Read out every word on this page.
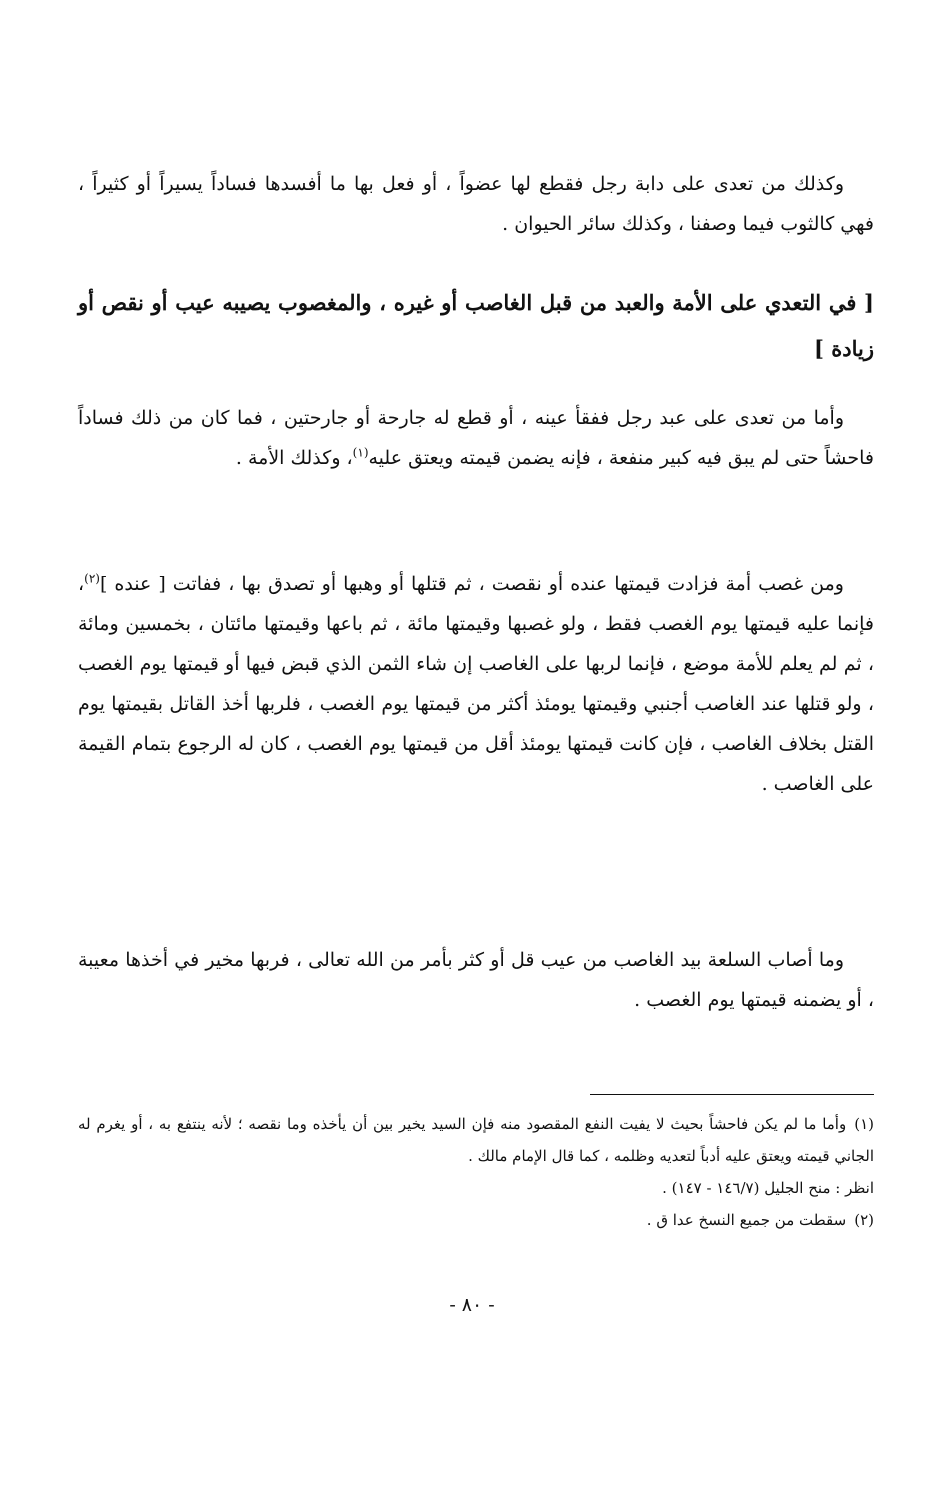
وكذلك من تعدى على دابة رجل فقطع لها عضواً ، أو فعل بها ما أفسدها فساداً يسيراً أو كثيراً ، فهي كالثوب فيما وصفنا ، وكذلك سائر الحيوان .

[ في التعدي على الأمة والعبد من قبل الغاصب أو غيره ، والمغصوب يصيبه عيب أو نقص أو زيادة ]

وأما من تعدى على عبد رجل ففقأ عينه ، أو قطع له جارحة أو جارحتين ، فما كان من ذلك فساداً فاحشاً حتى لم يبق فيه كبير منفعة ، فإنه يضمن قيمته ويعتق عليه$^{(١)}$، وكذلك الأمة .

ومن غصب أمة فزادت قيمتها عنده أو نقصت ، ثم قتلها أو وهبها أو تصدق بها ، ففاتت [ عنده ]$^{(٢)}$، فإنما عليه قيمتها يوم الغصب فقط ، ولو غصبها وقيمتها مائة ، ثم باعها وقيمتها مائتان ، بخمسين ومائة ، ثم لم يعلم للأمة موضع ، فإنما لربها على الغاصب إن شاء الثمن الذي قبض فيها أو قيمتها يوم الغصب ، ولو قتلها عند الغاصب أجنبي وقيمتها يومئذ أكثر من قيمتها يوم الغصب ، فلربها أخذ القاتل بقيمتها يوم القتل بخلاف الغاصب ، فإن كانت قيمتها يومئذ أقل من قيمتها يوم الغصب ، كان له الرجوع بتمام القيمة على الغاصب .

وما أصاب السلعة بيد الغاصب من عيب قل أو كثر بأمر من الله تعالى ، فربها مخير في أخذها معيبة ، أو يضمنه قيمتها يوم الغصب .

(١)وأما ما لم يكن فاحشاً بحيث لا يفيت النفع المقصود منه فإن السيد يخير بين أن يأخذه وما نقصه ؛ لأنه ينتفع به ، أو يغرم له الجاني قيمته ويعتق عليه أدباً لتعديه وظلمه ، كما قال الإمام مالك .

انظر : منح الجليل (١٤٦/٧ - ١٤٧) .

(٢)سقطت من جميع النسخ عدا ق .

- ٨٠ -
